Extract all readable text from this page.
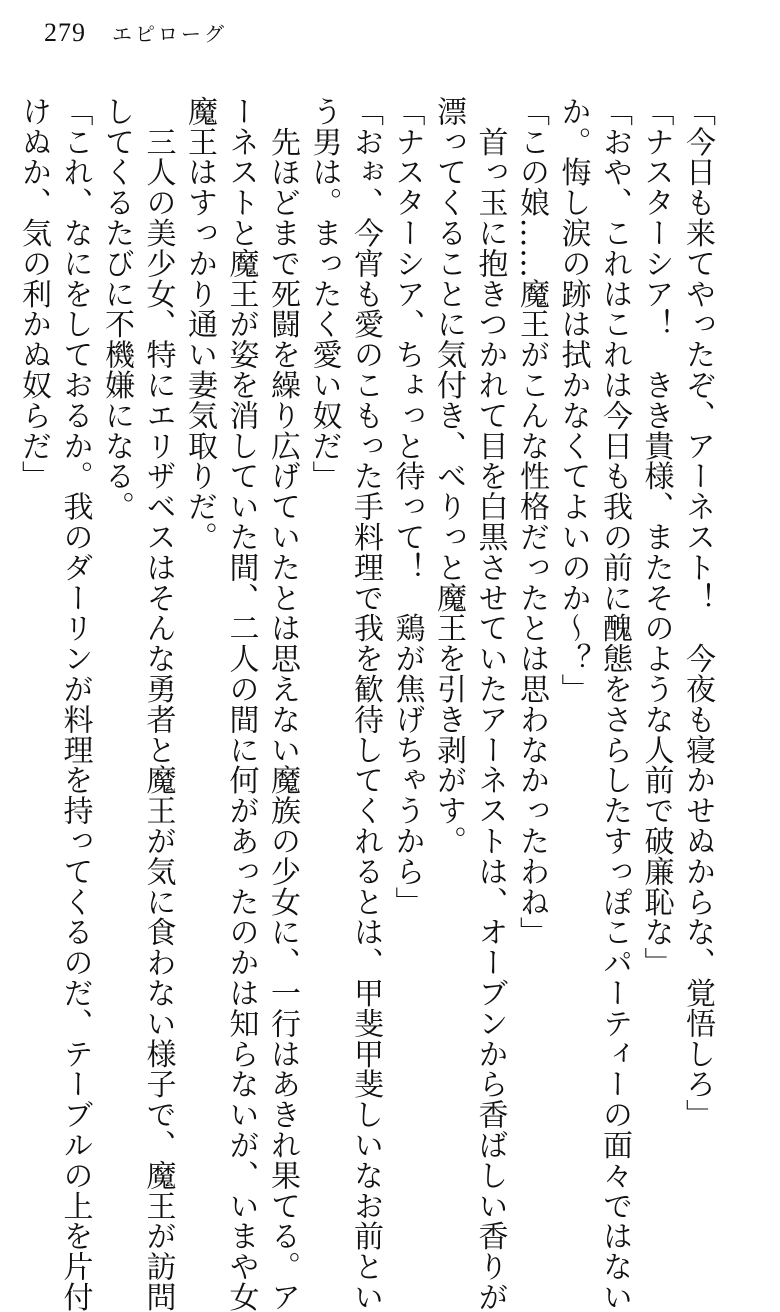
279 エピローグ
「今日も来てやったぞ、アーネスト！　今夜も寝かせぬからな、覚悟しろ」
「ナスターシア！　きき貴様、またそのような人前で破廉恥な」
「おや、これはこれは今日も我の前に醜態をさらしたすっぽこパーティーの面々ではない
か。悔し涙の跡は拭かなくてよいのか～？」
「この娘……魔王がこんな性格だったとは思わなかったわね」
　首っ玉に抱きつかれて目を白黒させていたアーネストは、オーブンから香ばしい香りが
漂ってくることに気付き、べりっと魔王を引き剥がす。
「ナスターシア、ちょっと待って！　鶏が焦げちゃうから」
「おぉ、今宵も愛のこもった手料理で我を歓待してくれるとは、甲斐甲斐しいなお前とい
う男は。まったく愛い奴だ」
　先ほどまで死闘を繰り広げていたとは思えない魔族の少女に、一行はあきれ果てる。ア
ーネストと魔王が姿を消していた間、二人の間に何があったのかは知らないが、いまや女
魔王はすっかり通い妻気取りだ。
　三人の美少女、特にエリザベスはそんな勇者と魔王が気に食わない様子で、魔王が訪問
してくるたびに不機嫌になる。
「これ、なにをしておるか。我のダーリンが料理を持ってくるのだ、テーブルの上を片付
けぬか、気の利かぬ奴らだ」
